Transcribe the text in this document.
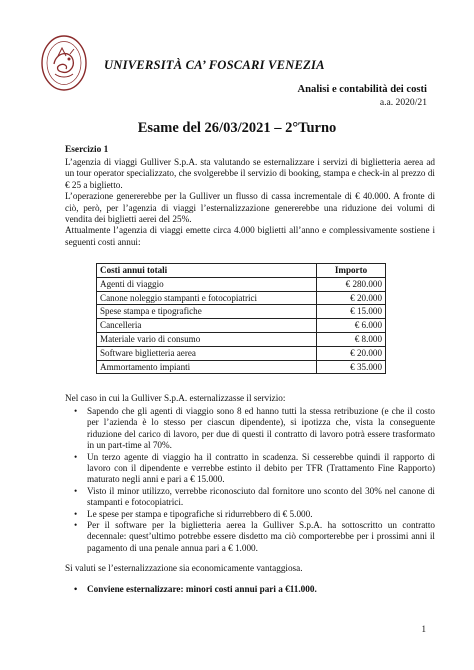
UNIVERSITÀ CA’ FOSCARI VENEZIA
Analisi e contabilità dei costi
a.a. 2020/21
Esame del 26/03/2021 – 2°Turno
Esercizio 1

L’agenzia di viaggi Gulliver S.p.A. sta valutando se esternalizzare i servizi di biglietteria aerea ad un tour operator specializzato, che svolgerebbe il servizio di booking, stampa e check-in al prezzo di € 25 a biglietto.

L’operazione genererebbe per la Gulliver un flusso di cassa incrementale di € 40.000. A fronte di ciò, però, per l’agenzia di viaggi l’esternalizzazione genererebbe una riduzione dei volumi di vendita dei biglietti aerei del 25%.

Attualmente l’agenzia di viaggi emette circa 4.000 biglietti all’anno e complessivamente sostiene i seguenti costi annui:

Costi annui totali	Importo
Agenti di viaggio	€ 280.000
Canone noleggio stampanti e fotocopiatrici	€ 20.000
Spese stampa e tipografiche	€ 15.000
Cancelleria	€ 6.000
Materiale vario di consumo	€ 8.000
Software biglietteria aerea	€ 20.000
Ammortamento impianti	€ 35.000
Nel caso in cui la Gulliver S.p.A. esternalizzasse il servizio:
• Sapendo che gli agenti di viaggio sono 8 ed hanno tutti la stessa retribuzione (e che il costo per l’azienda è lo stesso per ciascun dipendente), si ipotizza che, vista la conseguente riduzione del carico di lavoro, per due di questi il contratto di lavoro potrà essere trasformato in un part-time al 70%.
• Un terzo agente di viaggio ha il contratto in scadenza. Si cesserebbe quindi il rapporto di lavoro con il dipendente e verrebbe estinto il debito per TFR (Trattamento Fine Rapporto) maturato negli anni e pari a € 15.000.
• Visto il minor utilizzo, verrebbe riconosciuto dal fornitore uno sconto del 30% nel canone di stampanti e fotocopiatrici.
• Le spese per stampa e tipografiche si ridurrebbero di € 5.000.
• Per il software per la biglietteria aerea la Gulliver S.p.A. ha sottoscritto un contratto decennale: quest’ultimo potrebbe essere disdetto ma ciò comporterebbe per i prossimi anni il pagamento di una penale annua pari a € 1.000.
Si valuti se l’esternalizzazione sia economicamente vantaggiosa.
• Conviene esternalizzare: minori costi annui pari a €11.000.
1
